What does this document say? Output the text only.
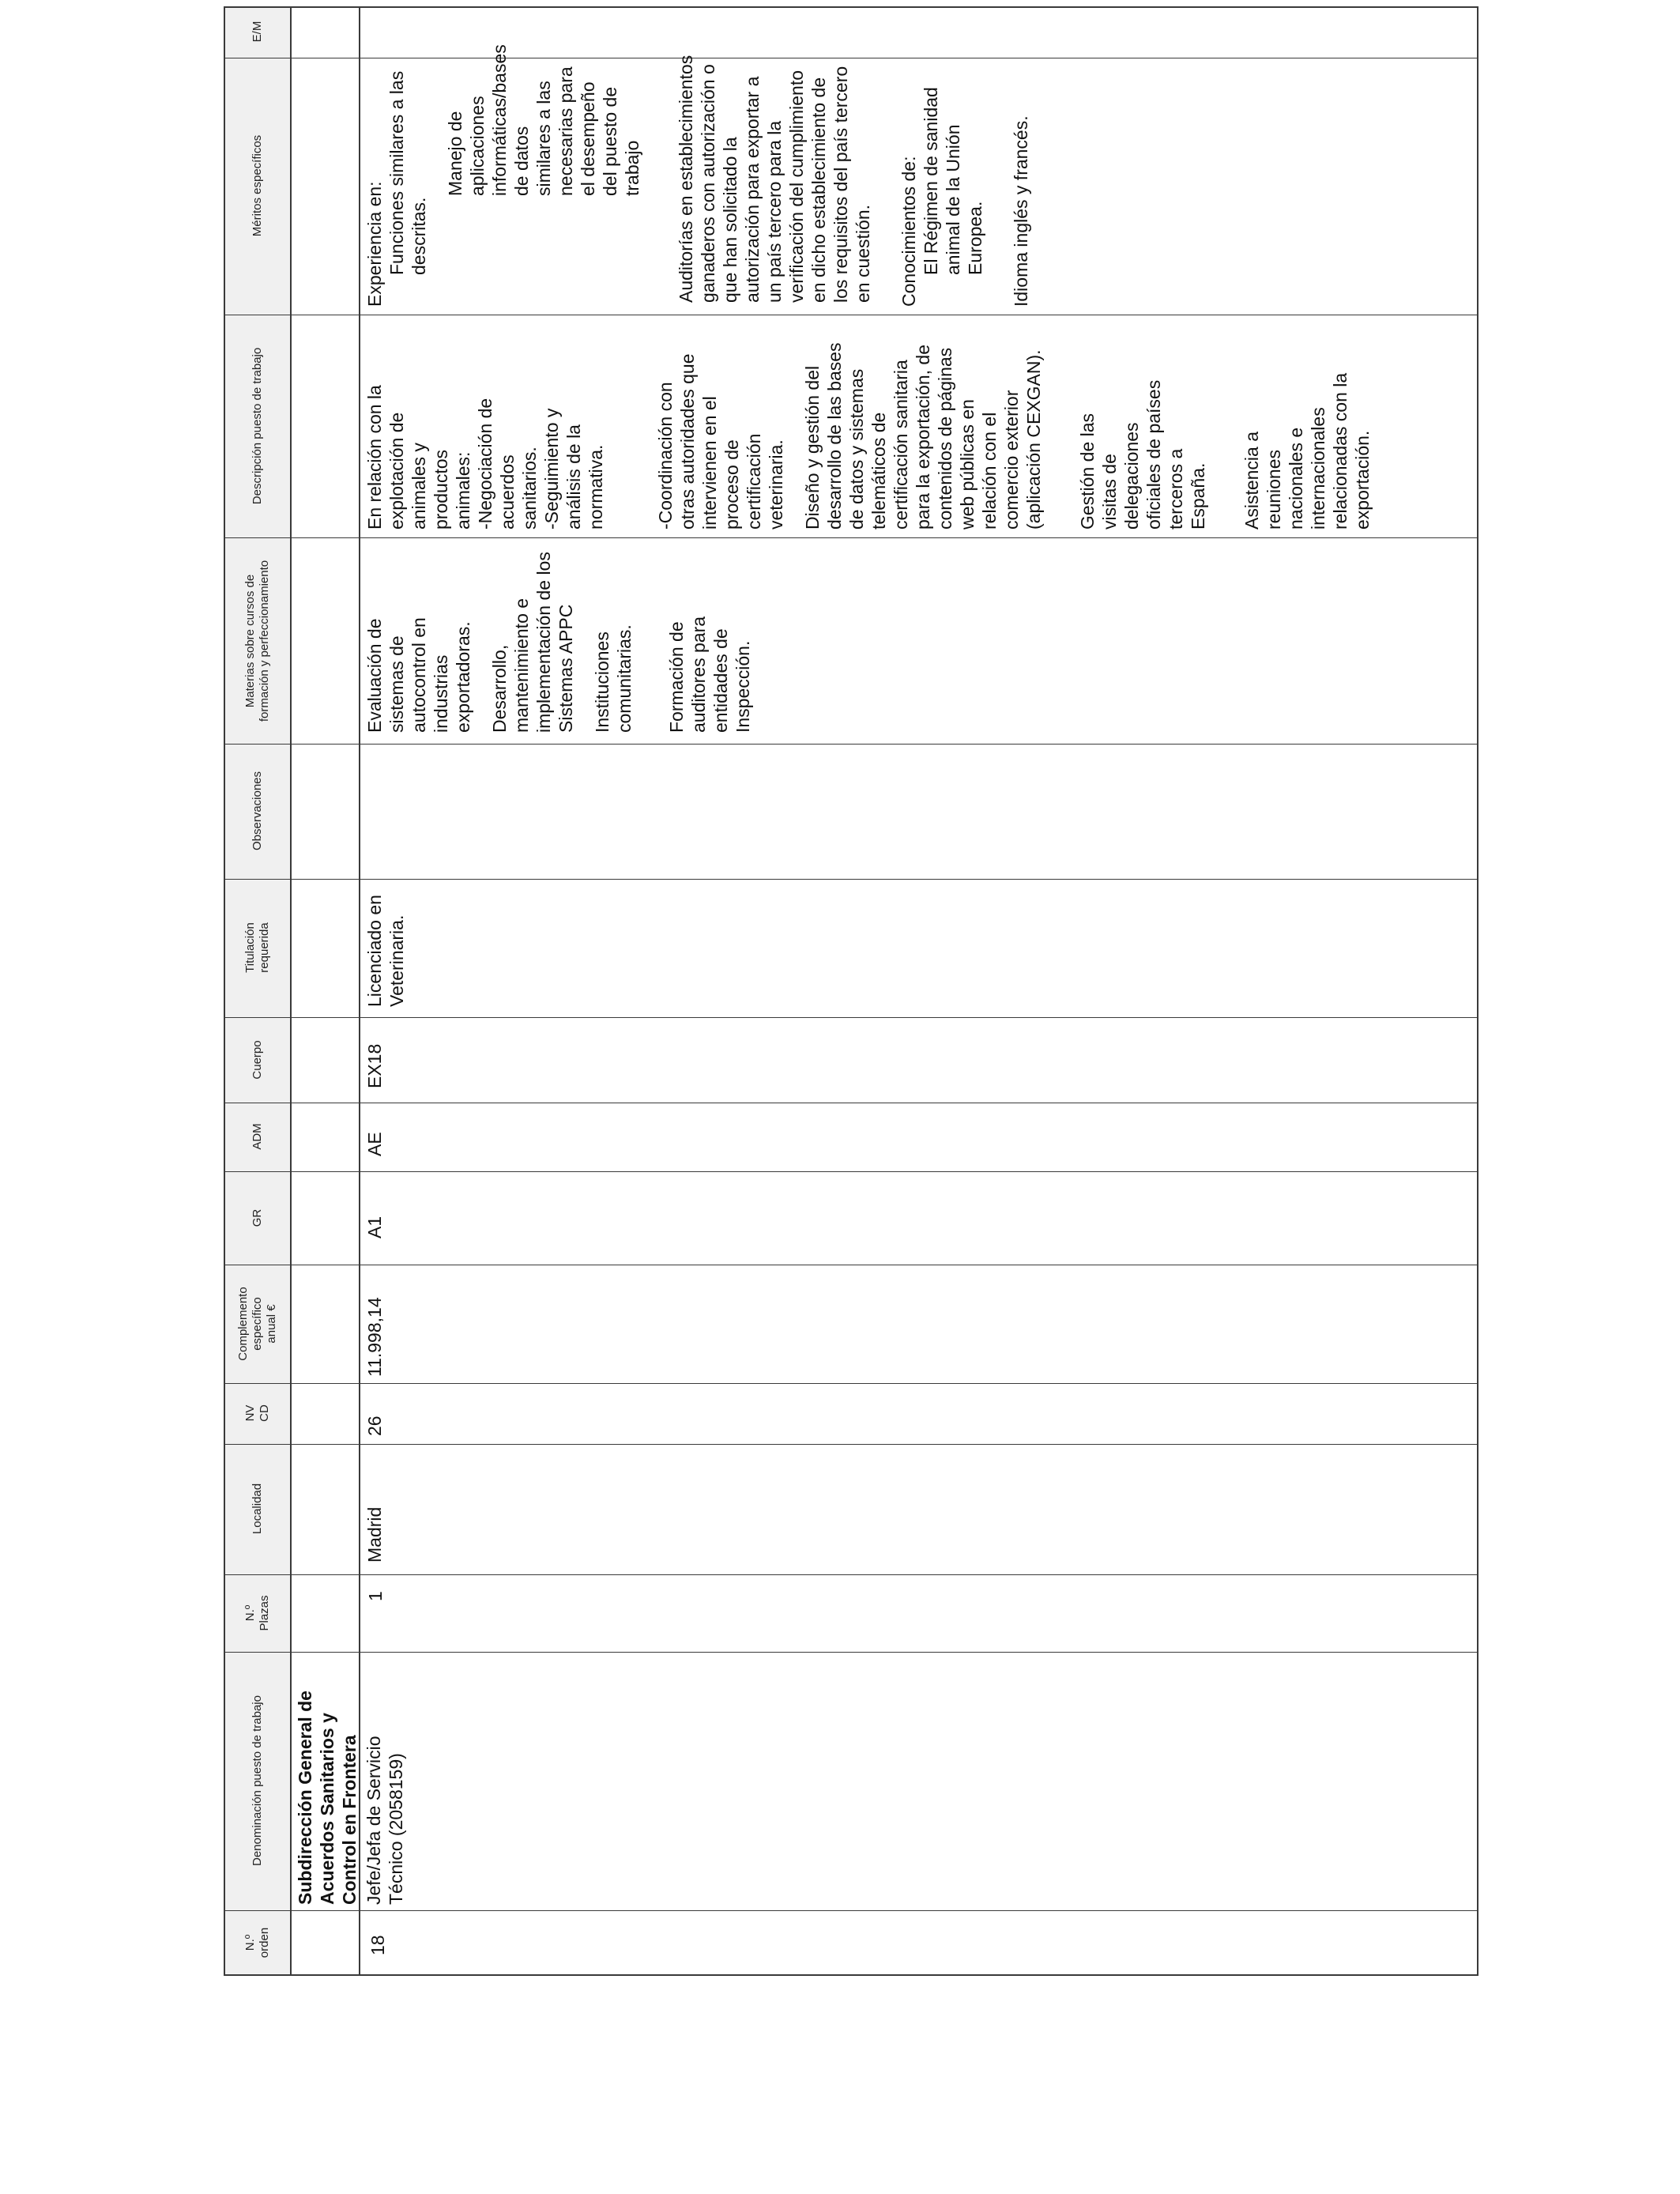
N.º orden
Denominación puesto de trabajo
N.º Plazas
Localidad
NV CD
Complemento específico anual €
GR
ADM
Cuerpo
Titulación requerida
Observaciones
Materias sobre cursos de formación y perfeccionamiento
Descripción puesto de trabajo
Méritos específicos
E/M
Subdirección General de Acuerdos Sanitarios y Control en Frontera
18
Jefe/Jefa de Servicio Técnico (2058159)
1
Madrid
26
11.998,14
A1
AE
EX18
Licenciado en Veterinaria.

Evaluación de sistemas de autocontrol en industrias exportadoras. Desarrollo, mantenimiento e implementación de los Sistemas APPC Instituciones comunitarias. Formación de auditores para entidades de Inspección.

En relación con la explotación de animales y productos animales: -Negociación de acuerdos sanitarios. -Seguimiento y análisis de la normativa.	-Coordinación con otras autoridades que intervienen en el proceso de certificación veterinaria. Diseño y gestión del desarrollo de las bases de datos y sistemas telemáticos de certificación sanitaria para la exportación, de contenidos de páginas web públicas en relación con el comercio exterior (aplicación CEXGAN). Gestión de las visitas de delegaciones oficiales de países terceros a España. Asistencia a reuniones nacionales e internacionales relacionadas con la exportación.

Experiencia en: Funciones similares a las descritas.

Manejo de aplicaciones informáticas/bases de datos similares a las necesarias para el desempeño del puesto de trabajo Auditorías en establecimientos ganaderos con autorización o que han solicitado la autorización para exportar a un país tercero para la verificación del cumplimiento en dicho establecimiento de los requisitos del país tercero en cuestión. Conocimientos de: El Régimen de sanidad animal de la Unión Europea. Idioma inglés y francés.
